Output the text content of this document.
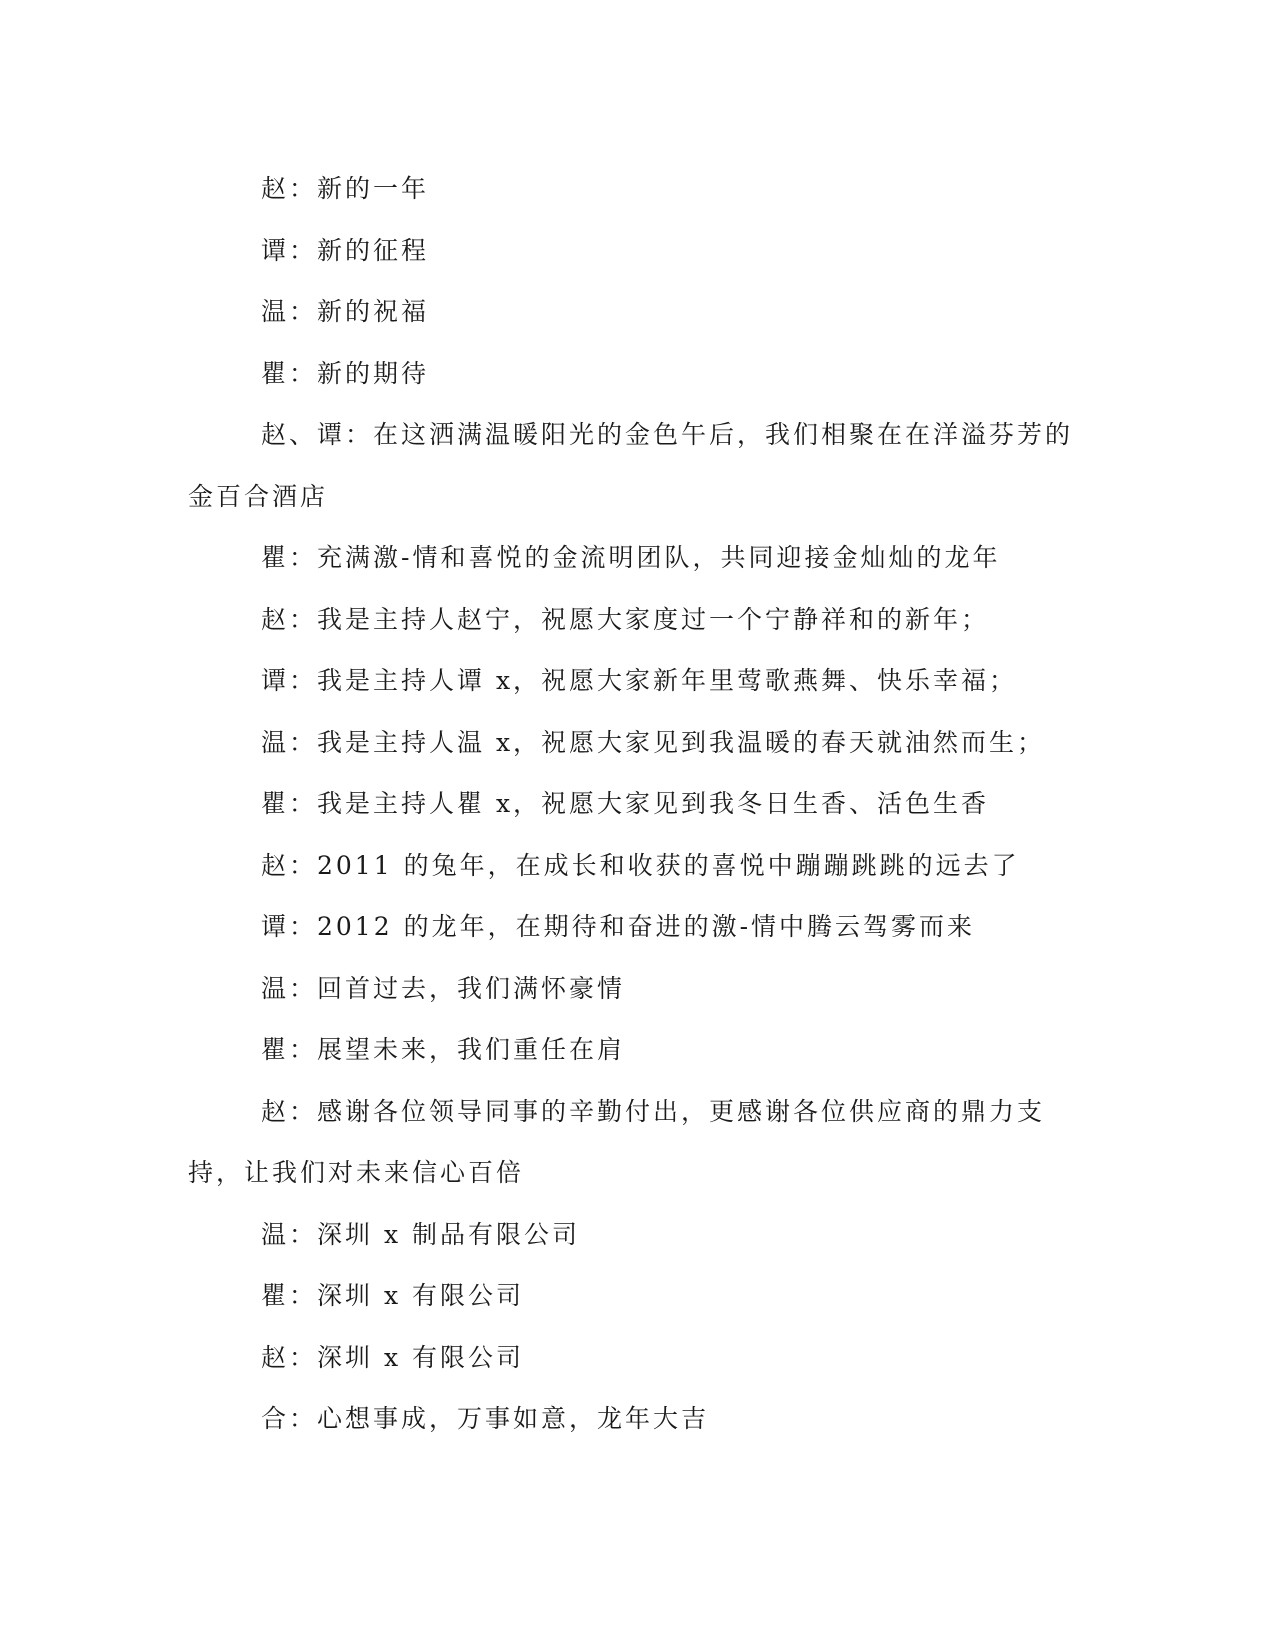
赵：新的一年

谭：新的征程

温：新的祝福

瞿：新的期待

赵、谭：在这洒满温暖阳光的金色午后，我们相聚在在洋溢芬芳的金百合酒店

瞿：充满激-情和喜悦的金流明团队，共同迎接金灿灿的龙年

赵：我是主持人赵宁，祝愿大家度过一个宁静祥和的新年；

谭：我是主持人谭 x，祝愿大家新年里莺歌燕舞、快乐幸福；

温：我是主持人温 x，祝愿大家见到我温暖的春天就油然而生；

瞿：我是主持人瞿 x，祝愿大家见到我冬日生香、活色生香

赵：2011 的兔年，在成长和收获的喜悦中蹦蹦跳跳的远去了

谭：2012 的龙年，在期待和奋进的激-情中腾云驾雾而来

温：回首过去，我们满怀豪情

瞿：展望未来，我们重任在肩

赵：感谢各位领导同事的辛勤付出，更感谢各位供应商的鼎力支持，让我们对未来信心百倍

温：深圳 x 制品有限公司

瞿：深圳 x 有限公司

赵：深圳 x 有限公司

合：心想事成，万事如意，龙年大吉
